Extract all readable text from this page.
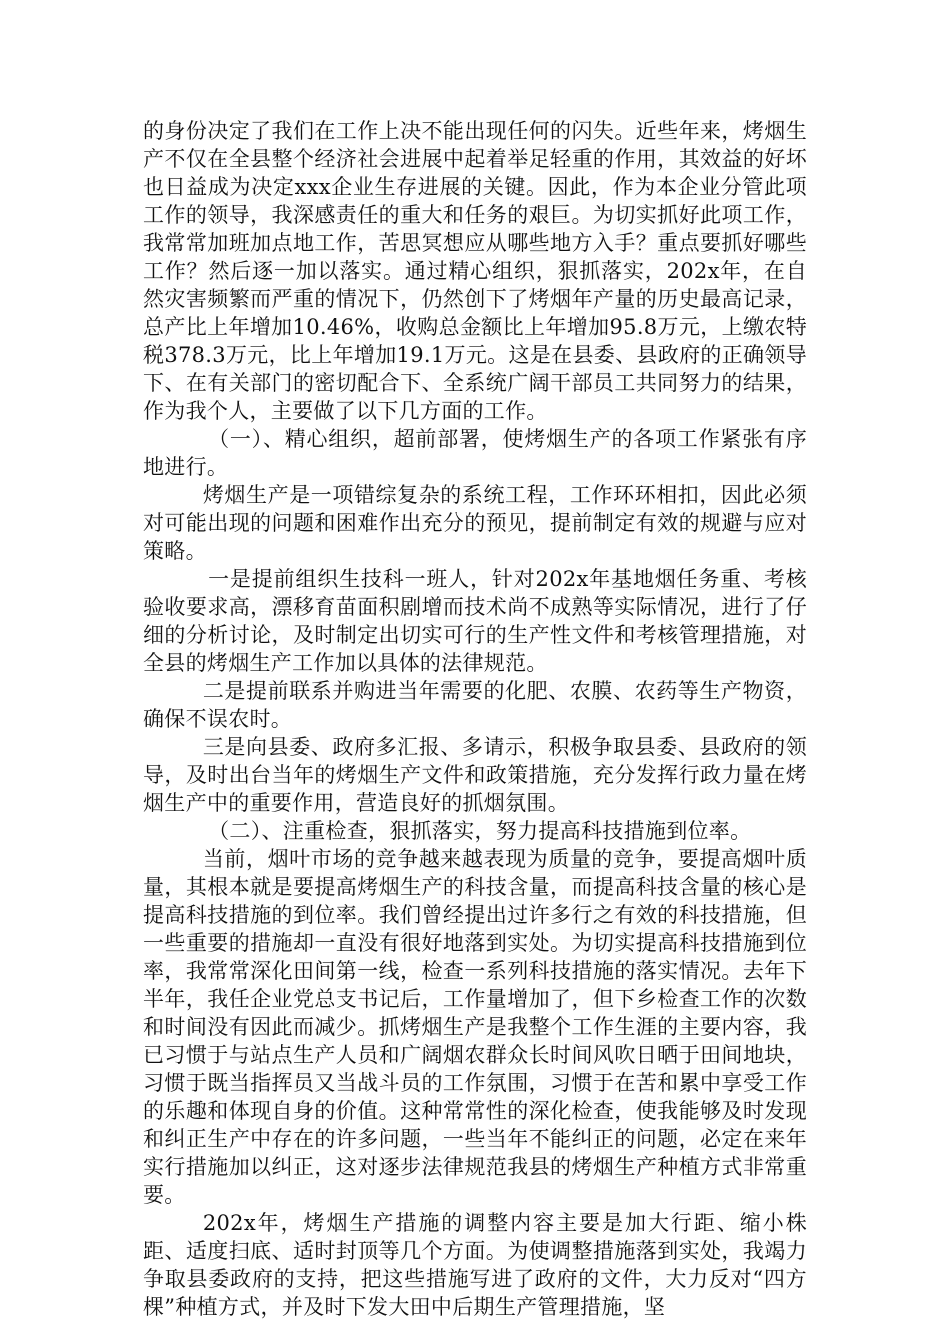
的身份决定了我们在工作上决不能出现任何的闪失。近些年来，烤烟生产不仅在全县整个经济社会进展中起着举足轻重的作用，其效益的好坏也日益成为决定xxx企业生存进展的关键。因此，作为本企业分管此项工作的领导，我深感责任的重大和任务的艰巨。为切实抓好此项工作，我常常加班加点地工作，苦思冥想应从哪些地方入手？重点要抓好哪些工作？然后逐一加以落实。通过精心组织，狠抓落实，202x年，在自然灾害频繁而严重的情况下，仍然创下了烤烟年产量的历史最高记录，总产比上年增加10.46%，收购总金额比上年增加95.8万元，上缴农特税378.3万元，比上年增加19.1万元。这是在县委、县政府的正确领导下、在有关部门的密切配合下、全系统广阔干部员工共同努力的结果，作为我个人，主要做了以下几方面的工作。

（一）、精心组织，超前部署，使烤烟生产的各项工作紧张有序地进行。

烤烟生产是一项错综复杂的系统工程，工作环环相扣，因此必须对可能出现的问题和困难作出充分的预见，提前制定有效的规避与应对策略。

一是提前组织生技科一班人，针对202x年基地烟任务重、考核验收要求高，漂移育苗面积剧增而技术尚不成熟等实际情况，进行了仔细的分析讨论，及时制定出切实可行的生产性文件和考核管理措施，对全县的烤烟生产工作加以具体的法律规范。

二是提前联系并购进当年需要的化肥、农膜、农药等生产物资，确保不误农时。

三是向县委、政府多汇报、多请示，积极争取县委、县政府的领导，及时出台当年的烤烟生产文件和政策措施，充分发挥行政力量在烤烟生产中的重要作用，营造良好的抓烟氛围。

（二）、注重检查，狠抓落实，努力提高科技措施到位率。

当前，烟叶市场的竞争越来越表现为质量的竞争，要提高烟叶质量，其根本就是要提高烤烟生产的科技含量，而提高科技含量的核心是提高科技措施的到位率。我们曾经提出过许多行之有效的科技措施，但一些重要的措施却一直没有很好地落到实处。为切实提高科技措施到位率，我常常深化田间第一线，检查一系列科技措施的落实情况。去年下半年，我任企业党总支书记后，工作量增加了，但下乡检查工作的次数和时间没有因此而减少。抓烤烟生产是我整个工作生涯的主要内容，我已习惯于与站点生产人员和广阔烟农群众长时间风吹日晒于田间地块，习惯于既当指挥员又当战斗员的工作氛围，习惯于在苦和累中享受工作的乐趣和体现自身的价值。这种常常性的深化检查，使我能够及时发现和纠正生产中存在的许多问题，一些当年不能纠正的问题，必定在来年实行措施加以纠正，这对逐步法律规范我县的烤烟生产种植方式非常重要。

202x年，烤烟生产措施的调整内容主要是加大行距、缩小株距、适度扫底、适时封顶等几个方面。为使调整措施落到实处，我竭力争取县委政府的支持，把这些措施写进了政府的文件，大力反对“四方棵”种植方式，并及时下发大田中后期生产管理措施，坚
